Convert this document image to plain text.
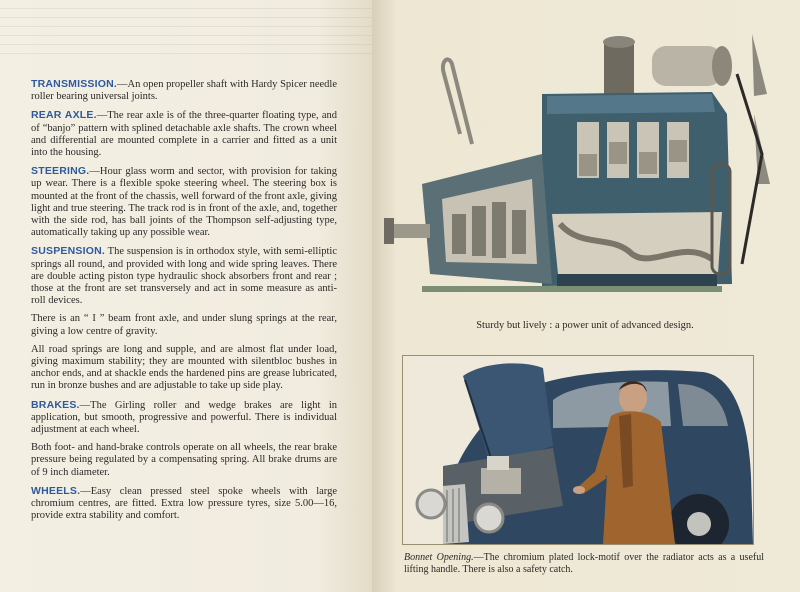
TRANSMISSION.—An open propeller shaft with Hardy Spicer needle roller bearing universal joints.

REAR AXLE.—The rear axle is of the three-quarter floating type, and of “banjo” pattern with splined detachable axle shafts. The crown wheel and differential are mounted complete in a carrier and fitted as a unit into the housing.

STEERING.—Hour glass worm and sector, with provision for taking up wear. There is a flexible spoke steering wheel. The steering box is mounted at the front of the chassis, well forward of the front axle, giving light and true steering. The track rod is in front of the axle, and, together with the side rod, has ball joints of the Thompson self-adjusting type, automatically taking up any possible wear.

SUSPENSION. The suspension is in orthodox style, with semi-elliptic springs all round, and provided with long and wide spring leaves. There are double acting piston type hydraulic shock absorbers front and rear ; those at the front are set transversely and act in some measure as anti-roll devices.

There is an “ I ” beam front axle, and under slung springs at the rear, giving a low centre of gravity.

All road springs are long and supple, and are almost flat under load, giving maximum stability; they are mounted with silentbloc bushes in anchor ends, and at shackle ends the hardened pins are grease lubricated, run in bronze bushes and are adjustable to take up side play.

BRAKES.—The Girling roller and wedge brakes are light in application, but smooth, progressive and powerful. There is individual adjustment at each wheel.

Both foot- and hand-brake controls operate on all wheels, the rear brake pressure being regulated by a compensating spring. All brake drums are of 9 inch diameter.

WHEELS.—Easy clean pressed steel spoke wheels with large chromium centres, are fitted. Extra low pressure tyres, size 5.00—16, provide extra stability and comfort.

Sturdy but lively : a power unit of advanced design.
Bonnet Opening.—The chromium plated lock-motif over the radiator acts as a useful lifting handle. There is also a safety catch.
